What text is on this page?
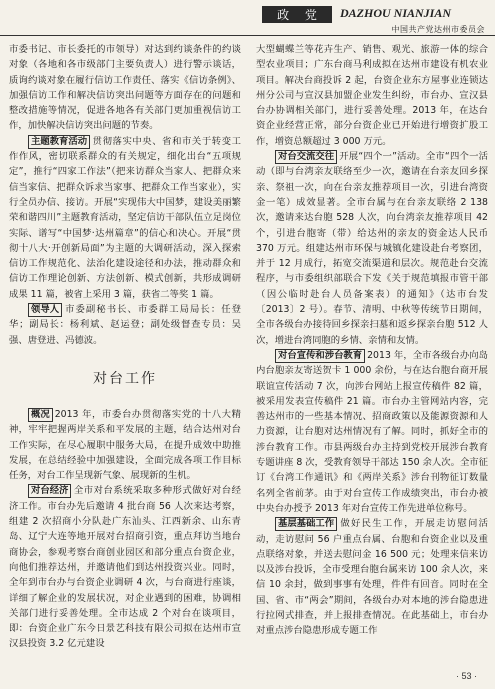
政 党	DAZHOU NIANJIAN
中国共产党达州市委员会

市委书记、市长委托的市领导）对达到约谈条件的约谈对象（各地和各市级部门主要负责人）进行警示谈话，质询约谈对象在履行信访工作责任、落实《信访条例》、加强信访工作和解决信访突出问题等方面存在的问题和整改措施等情况，促进各地各有关部门更加重视信访工作，加快解决信访突出问题的节奏。

主题教育活动 贯彻落实中央、省和市关于转变工作作风，密切联系群众的有关规定，细化出台“五项规定”，推行“四家工作法”（把来访群众当家人、把群众来信当家信、把群众诉求当家事、把群众工作当家业），实行全员办信、接访。开展“实现伟大中国梦，建设美丽繁荣和谐四川”主题教育活动，坚定信访干部队伍立足岗位实际、谱写“中国梦·达州篇章”的信心和决心。开展“贯彻十八大·开创新局面”为主题的大调研活动，深入探索信访工作规范化、法治化建设途径和办法，推动群众和信访工作理论创新、方法创新、模式创新，共形成调研成果 11 篇，被省上采用 3 篇，获省二等奖 1 篇。

领导人 市委副秘书长、市委群工局局长：任登华；副局长：杨利斌、赵运登；副处级督查专员：吴强、唐登进、冯德波。

对台工作

概况 2013 年，市委台办贯彻落实党的十八大精神，牢牢把握两岸关系和平发展的主题，结合达州对台工作实际，在尽心履职中服务大局，在提升成效中助推发展，在总结经验中加强建设，全面完成各项工作目标任务，对台工作呈现新气象、展现新的生机。

对台经济 全市对台系统采取多种形式做好对台经济工作。市台办先后邀请 4 批台商 56 人次来达考察，组建 2 次招商小分队赴广东汕头、江西新余、山东青岛、辽宁大连等地开展对台招商引资，重点拜访当地台商协会，参观考察台商创业园区和部分重点台资企业，向他们推荐达州，并邀请他们到达州投资兴业。同时，全年到市台办与台资企业调研 4 次，与台商进行座谈，详细了解企业的发展状况，对企业遇到的困难，协调相关部门进行妥善处理。全市达成 2 个对台在谈项目，即：台资企业广东今日景艺科技有限公司拟在达州市宣汉县投资 3.2 亿元建设

大型蝴蝶兰等花卉生产、销售、观光、旅游一体的综合型农业项目；广东台商马利成拟在达州市建设有机农业项目。解决台商投诉 2 起，台资企业东方屋事业连锁达州分公司与宣汉县加盟企业发生纠纷，市台办、宣汉县台办协调相关部门，进行妥善处理。2013 年，在达台资企业经营正常，部分台资企业已开始进行增资扩股工作，增资总额超过 3 000 万元。

对台交流交往 开展“四个一”活动。全市“四个一活动（即与台湾亲友联络至少一次，邀请在台亲友回乡探亲、祭祖一次，向在台亲友推荐项目一次，引进台湾资金一笔）成效显著。全市台属与在台亲友联络 2 138 次，邀请来达台胞 528 人次，向台湾亲友推荐项目 42 个，引进台胞寄（带）给达州的亲友的资金达人民币 370 万元。组建达州市环保与城镇化建设赴台考察团，并于 12 月成行，拓宽交流渠道和层次。规范赴台交流程序，与市委组织部联合下发《关于规范填报市管干部（因公临时赴台人员备案表）的通知》（达市台发〔2013〕2 号）。春节、清明、中秋等传统节日期间，全市各级台办接待回乡探亲扫墓和返乡探亲台胞 512 人次，增进台湾同胞的乡情、亲情和友情。

对台宣传和涉台教育 2013 年，全市各级台办向岛内台胞亲友寄送贺卡 1 000 余份，与在达台胞台商开展联谊宣传活动 7 次，向涉台网站上报宣传稿件 82 篇，被采用发表宣传稿件 21 篇。市台办主管网站内容，完善达州市的一些基本情况、招商政策以及能源资源和人力资源，让台胞对达州情况有了解。同时，抓好全市的涉台教育工作。市县两级台办主持到党校开展涉台教育专题讲座 8 次，受教育领导干部达 150 余人次。全市征订《台湾工作通讯》和《两岸关系》涉台刊物征订数量名列全省前茅。由于对台宣传工作成绩突出，市台办被中央台办授予 2013 年对台宣传工作先进单位称号。

基层基础工作 做好民生工作，开展走访慰问活动，走访慰问 56 户重点台属、台胞和台资企业以及重点联络对象，并送去慰问金 16 500 元；处理来信来访以及涉台投诉，全市受理台胞台属来访 100 余人次，来信 10 余封，做到事事有处理，件件有回音。同时在全国、省、市“两会”期间，各级台办对本地的涉台隐患进行拉网式排查，并上报排查情况。在此基础上，市台办对重点涉台隐患形成专题工作

· 53 ·
